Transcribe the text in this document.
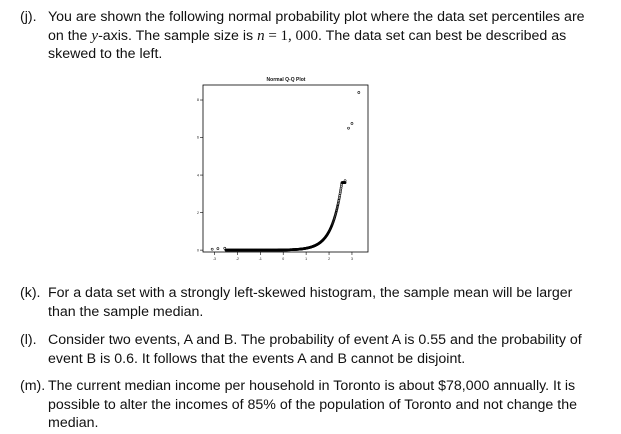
(j). You are shown the following normal probability plot where the data set percentiles are on the y-axis. The sample size is n = 1, 000. The data set can best be described as skewed to the left.
Normal Q-Q Plot
-3	-2	-1	0	1	2	3
0
2
4
6
8
(k). For a data set with a strongly left-skewed histogram, the sample mean will be larger than the sample median.
(l). Consider two events, A and B. The probability of event A is 0.55 and the probability of event B is 0.6. It follows that the events A and B cannot be disjoint.
(m). The current median income per household in Toronto is about $78,000 annually. It is possible to alter the incomes of 85% of the population of Toronto and not change the median.
